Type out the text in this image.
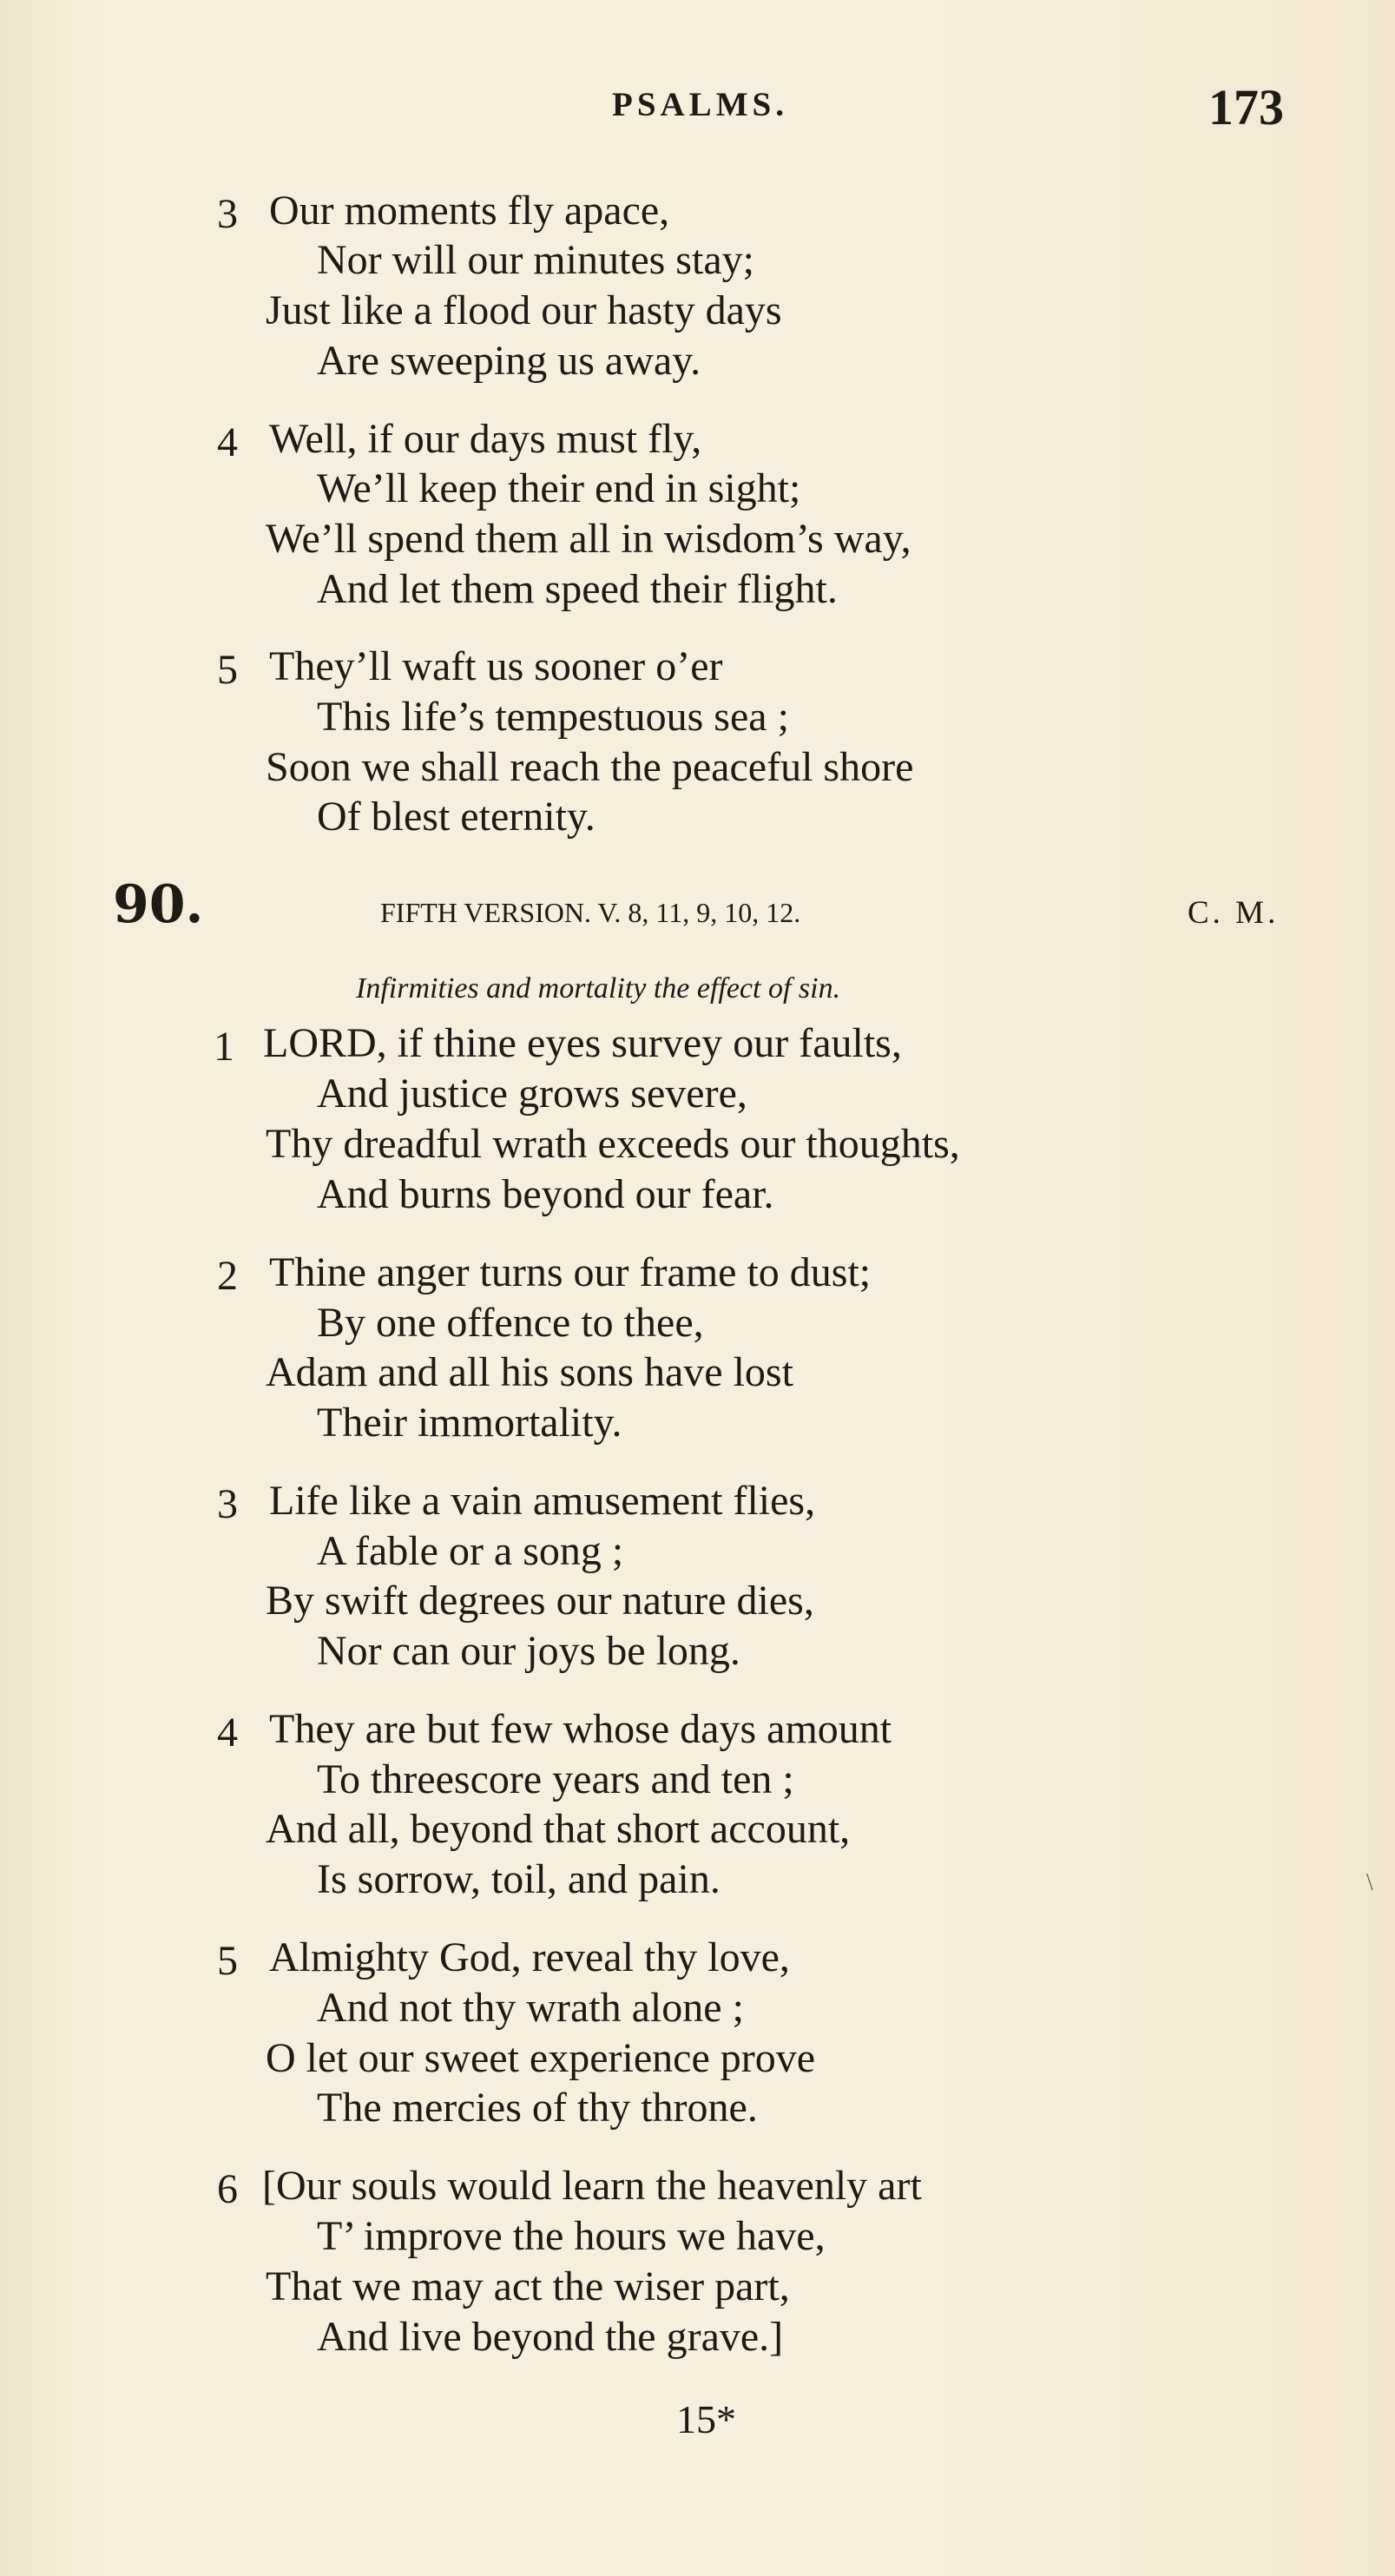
PSALMS.	173
3 Our moments fly apace,
Nor will our minutes stay;
Just like a flood our hasty days
Are sweeping us away.
4 Well, if our days must fly,
We’ll keep their end in sight;
We’ll spend them all in wisdom’s way,
And let them speed their flight.
5 They’ll waft us sooner o’er
This life’s tempestuous sea ;
Soon we shall reach the peaceful shore
Of blest eternity.
90.	FIFTH VERSION. V. 8, 11, 9, 10, 12.	C. M.
Infirmities and mortality the effect of sin.
1 LORD, if thine eyes survey our faults,
And justice grows severe,
Thy dreadful wrath exceeds our thoughts,
And burns beyond our fear.
2 Thine anger turns our frame to dust;
By one offence to thee,
Adam and all his sons have lost
Their immortality.
3 Life like a vain amusement flies,
A fable or a song ;
By swift degrees our nature dies,
Nor can our joys be long.
4 They are but few whose days amount
To threescore years and ten ;
And all, beyond that short account,
Is sorrow, toil, and pain.
5 Almighty God, reveal thy love,
And not thy wrath alone ;
O let our sweet experience prove
The mercies of thy throne.
6 [Our souls would learn the heavenly art
T’ improve the hours we have,
That we may act the wiser part,
And live beyond the grave.]
15*
\
